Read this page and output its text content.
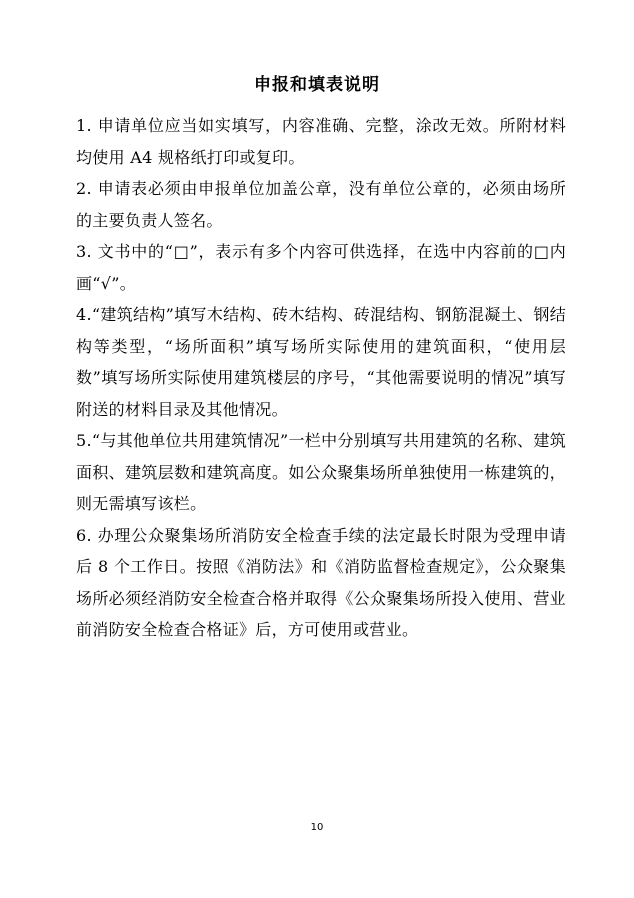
申报和填表说明

1. 申请单位应当如实填写，内容准确、完整，涂改无效。所附材料均使用 A4 规格纸打印或复印。

2. 申请表必须由申报单位加盖公章，没有单位公章的，必须由场所的主要负责人签名。

3. 文书中的“□”，表示有多个内容可供选择，在选中内容前的□内画“√”。

4.“建筑结构”填写木结构、砖木结构、砖混结构、钢筋混凝土、钢结构等类型，“场所面积”填写场所实际使用的建筑面积，“使用层数”填写场所实际使用建筑楼层的序号，“其他需要说明的情况”填写附送的材料目录及其他情况。

5.“与其他单位共用建筑情况”一栏中分别填写共用建筑的名称、建筑面积、建筑层数和建筑高度。如公众聚集场所单独使用一栋建筑的，则无需填写该栏。

6. 办理公众聚集场所消防安全检查手续的法定最长时限为受理申请后 8 个工作日。按照《消防法》和《消防监督检查规定》，公众聚集场所必须经消防安全检查合格并取得《公众聚集场所投入使用、营业前消防安全检查合格证》后，方可使用或营业。

10
